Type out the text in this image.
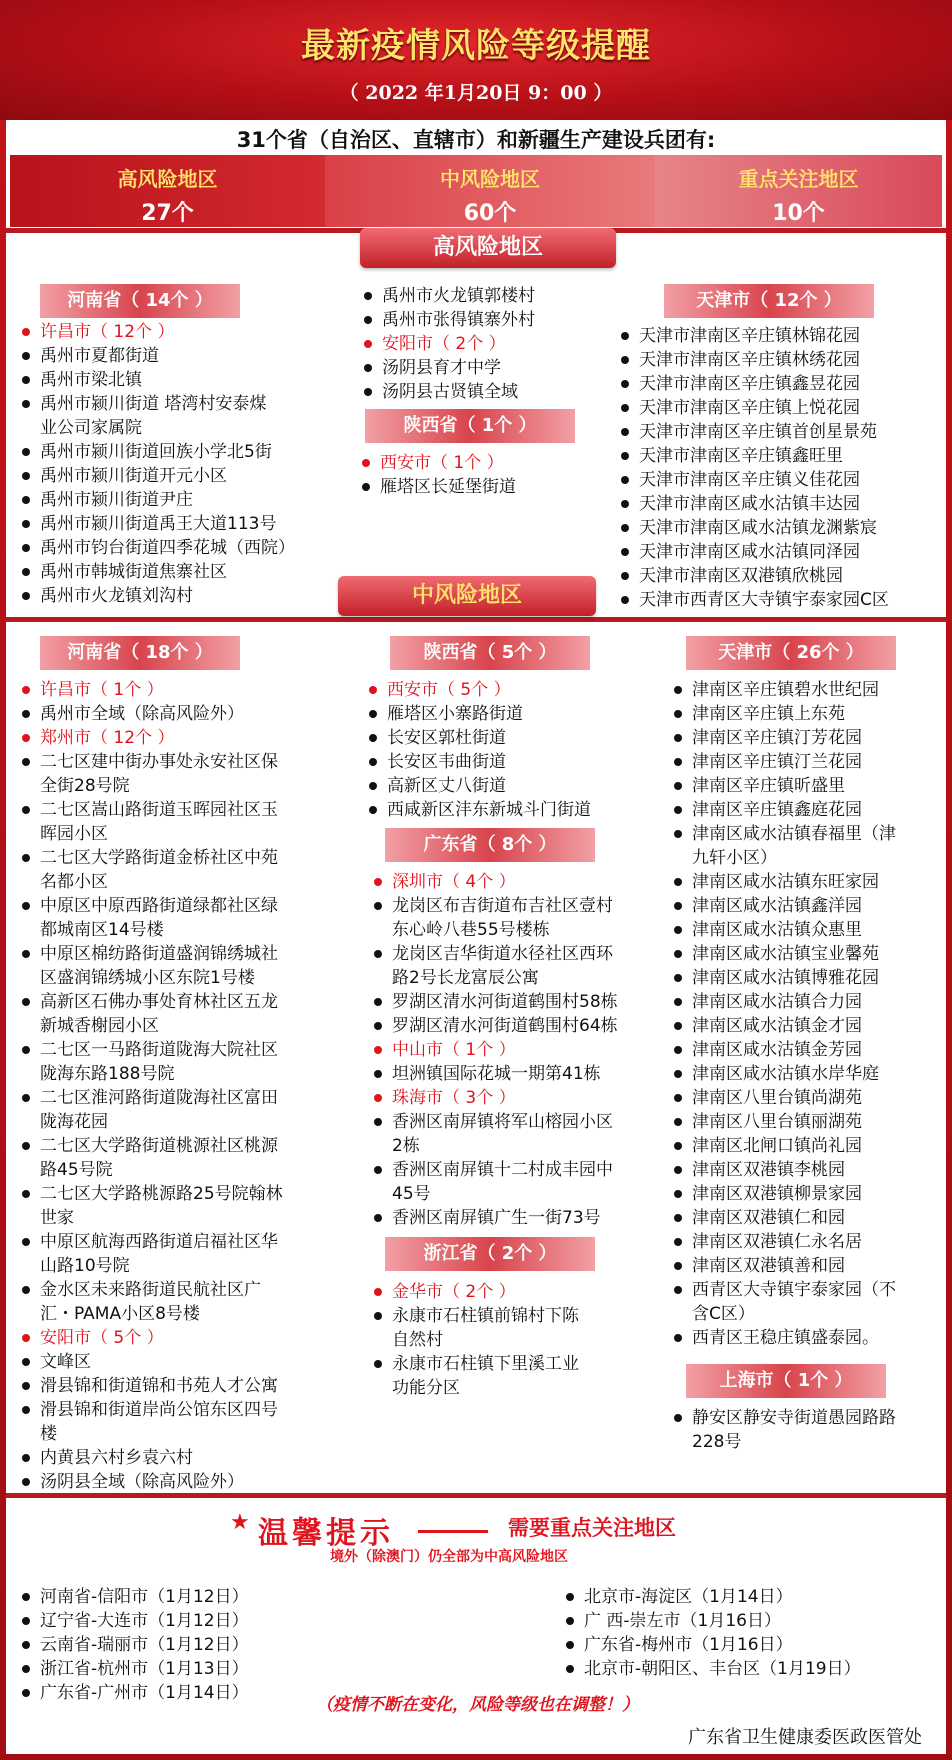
最新疫情风险等级提醒
（ 2022 年1月20日 9：00 ）
31个省（自治区、直辖市）和新疆生产建设兵团有:
高风险地区
27个
中风险地区
60个
重点关注地区
10个
高风险地区
河南省（ 14个 ）
许昌市（ 12个 ）
禹州市夏都街道
禹州市梁北镇
禹州市颍川街道 塔湾村安泰煤
业公司家属院
禹州市颍川街道回族小学北5街
禹州市颍川街道开元小区
禹州市颍川街道尹庄
禹州市颍川街道禹王大道113号
禹州市钧台街道四季花城（西院）
禹州市韩城街道焦寨社区
禹州市火龙镇刘沟村
禹州市火龙镇郭楼村
禹州市张得镇寨外村
安阳市（ 2个 ）
汤阴县育才中学
汤阴县古贤镇全域
陕西省（ 1个 ）
西安市（ 1个 ）
雁塔区长延堡街道
天津市（ 12个 ）
天津市津南区辛庄镇林锦花园
天津市津南区辛庄镇林绣花园
天津市津南区辛庄镇鑫昱花园
天津市津南区辛庄镇上悦花园
天津市津南区辛庄镇首创星景苑
天津市津南区辛庄镇鑫旺里
天津市津南区辛庄镇义佳花园
天津市津南区咸水沽镇丰达园
天津市津南区咸水沽镇龙渊紫宸
天津市津南区咸水沽镇同泽园
天津市津南区双港镇欣桃园
天津市西青区大寺镇宇泰家园C区
中风险地区
河南省（ 18个 ）
许昌市（ 1个 ）
禹州市全域（除高风险外）
郑州市（ 12个 ）
二七区建中街办事处永安社区保
全街28号院
二七区嵩山路街道玉晖园社区玉
晖园小区
二七区大学路街道金桥社区中苑
名都小区
中原区中原西路街道绿都社区绿
都城南区14号楼
中原区棉纺路街道盛润锦绣城社
区盛润锦绣城小区东院1号楼
高新区石佛办事处育林社区五龙
新城香榭园小区
二七区一马路街道陇海大院社区
陇海东路188号院
二七区淮河路街道陇海社区富田
陇海花园
二七区大学路街道桃源社区桃源
路45号院
二七区大学路桃源路25号院翰林
世家
中原区航海西路街道启福社区华
山路10号院
金水区未来路街道民航社区广
汇・PAMA小区8号楼
安阳市（ 5个 ）
文峰区
滑县锦和街道锦和书苑人才公寓
滑县锦和街道岸尚公馆东区四号
楼
内黄县六村乡袁六村
汤阴县全域（除高风险外）
陕西省（ 5个 ）
西安市（ 5个 ）
雁塔区小寨路街道
长安区郭杜街道
长安区韦曲街道
高新区丈八街道
西咸新区沣东新城斗门街道
广东省（ 8个 ）
深圳市（ 4个 ）
龙岗区布吉街道布吉社区壹村
东心岭八巷55号楼栋
龙岗区吉华街道水径社区西环
路2号长龙富辰公寓
罗湖区清水河街道鹤围村58栋
罗湖区清水河街道鹤围村64栋
中山市（ 1个 ）
坦洲镇国际花城一期第41栋
珠海市（ 3个 ）
香洲区南屏镇将军山榕园小区
2栋
香洲区南屏镇十二村成丰园中
45号
香洲区南屏镇广生一街73号
浙江省（ 2个 ）
金华市（ 2个 ）
永康市石柱镇前锦村下陈
自然村
永康市石柱镇下里溪工业
功能分区
天津市（ 26个 ）
津南区辛庄镇碧水世纪园
津南区辛庄镇上东苑
津南区辛庄镇汀芳花园
津南区辛庄镇汀兰花园
津南区辛庄镇昕盛里
津南区辛庄镇鑫庭花园
津南区咸水沽镇春福里（津
九轩小区）
津南区咸水沽镇东旺家园
津南区咸水沽镇鑫洋园
津南区咸水沽镇众惠里
津南区咸水沽镇宝业馨苑
津南区咸水沽镇博雅花园
津南区咸水沽镇合力园
津南区咸水沽镇金才园
津南区咸水沽镇金芳园
津南区咸水沽镇水岸华庭
津南区八里台镇尚湖苑
津南区八里台镇丽湖苑
津南区北闸口镇尚礼园
津南区双港镇李桃园
津南区双港镇柳景家园
津南区双港镇仁和园
津南区双港镇仁永名居
津南区双港镇善和园
西青区大寺镇宇泰家园（不
含C区）
西青区王稳庄镇盛泰园。
上海市（ 1个 ）
静安区静安寺街道愚园路路
228号
★ 温馨提示	需要重点关注地区
境外（除澳门）仍全部为中高风险地区
河南省-信阳市（1月12日）
辽宁省-大连市（1月12日）
云南省-瑞丽市（1月12日）
浙江省-杭州市（1月13日）
广东省-广州市（1月14日）
北京市-海淀区（1月14日）
广 西-崇左市（1月16日）
广东省-梅州市（1月16日）
北京市-朝阳区、丰台区（1月19日）
（疫情不断在变化，风险等级也在调整！）
广东省卫生健康委医政医管处
